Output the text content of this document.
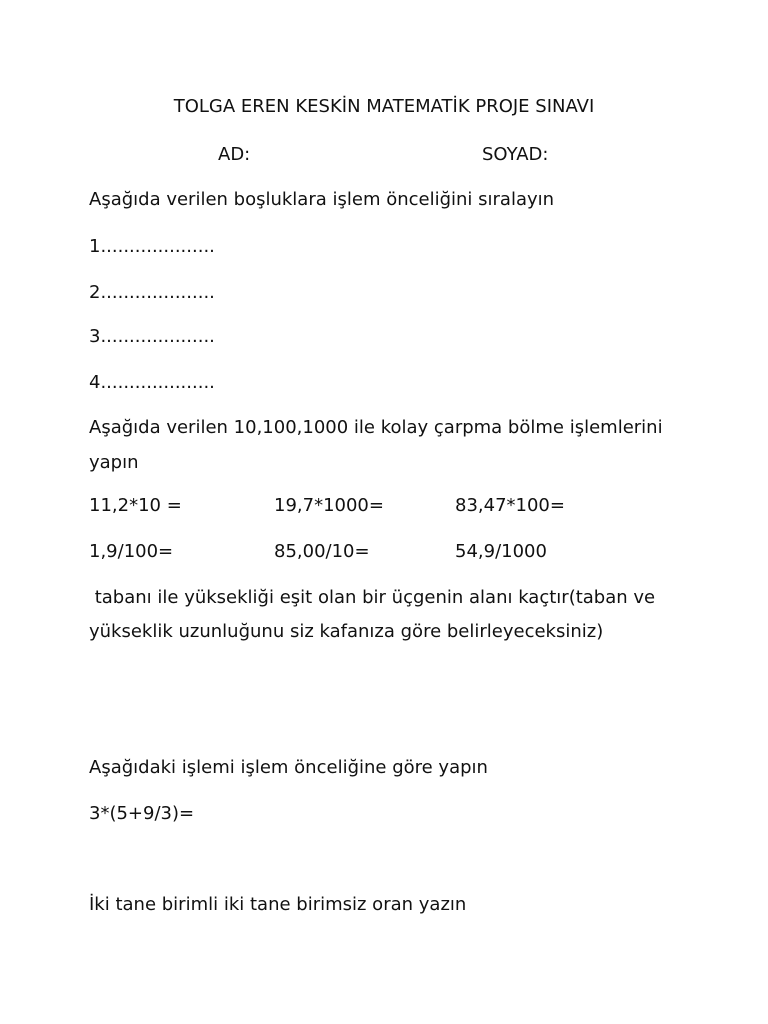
TOLGA EREN KESKİN MATEMATİK PROJE SINAVI
AD:	SOYAD:
Aşağıda verilen boşluklara işlem önceliğini sıralayın
1....................
2....................
3....................
4....................
Aşağıda verilen 10,100,1000 ile kolay çarpma bölme işlemlerini
yapın
11,2*10 =	19,7*1000=	83,47*100=
1,9/100=	85,00/10=	54,9/1000
tabanı ile yüksekliği eşit olan bir üçgenin alanı kaçtır(taban ve
yükseklik uzunluğunu siz kafanıza göre belirleyeceksiniz)
Aşağıdaki işlemi işlem önceliğine göre yapın
3*(5+9/3)=
İki tane birimli iki tane birimsiz oran yazın
